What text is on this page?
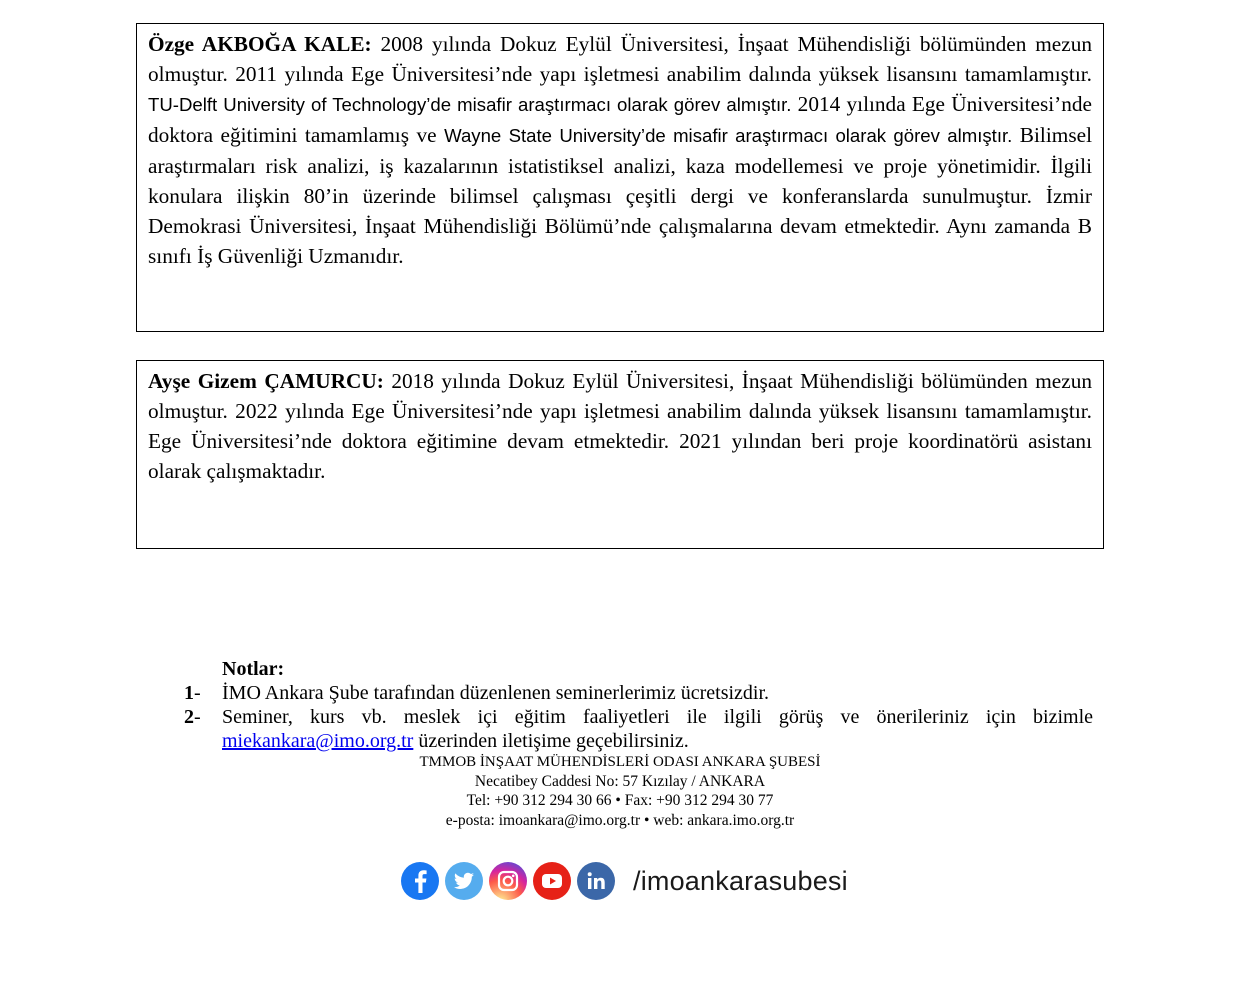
Özge AKBOĞA KALE: 2008 yılında Dokuz Eylül Üniversitesi, İnşaat Mühendisliği bölümünden mezun olmuştur. 2011 yılında Ege Üniversitesi’nde yapı işletmesi anabilim dalında yüksek lisansını tamamlamıştır. TU-Delft University of Technology’de misafir araştırmacı olarak görev almıştır. 2014 yılında Ege Üniversitesi’nde doktora eğitimini tamamlamış ve Wayne State University’de misafir araştırmacı olarak görev almıştır. Bilimsel araştırmaları risk analizi, iş kazalarının istatistiksel analizi, kaza modellemesi ve proje yönetimidir. İlgili konulara ilişkin 80’in üzerinde bilimsel çalışması çeşitli dergi ve konferanslarda sunulmuştur. İzmir Demokrasi Üniversitesi, İnşaat Mühendisliği Bölümü’nde çalışmalarına devam etmektedir. Aynı zamanda B sınıfı İş Güvenliği Uzmanıdır.
Ayşe Gizem ÇAMURCU: 2018 yılında Dokuz Eylül Üniversitesi, İnşaat Mühendisliği bölümünden mezun olmuştur. 2022 yılında Ege Üniversitesi’nde yapı işletmesi anabilim dalında yüksek lisansını tamamlamıştır. Ege Üniversitesi’nde doktora eğitimine devam etmektedir. 2021 yılından beri proje koordinatörü asistanı olarak çalışmaktadır.
Notlar:
1-	İMO Ankara Şube tarafından düzenlenen seminerlerimiz ücretsizdir.
2-	Seminer, kurs vb. meslek içi eğitim faaliyetleri ile ilgili görüş ve önerileriniz için bizimle miekankara@imo.org.tr üzerinden iletişime geçebilirsiniz.
TMMOB İNŞAAT MÜHENDİSLERİ ODASI ANKARA ŞUBESİ
Necatibey Caddesi No: 57 Kızılay / ANKARA
Tel: +90 312 294 30 66 • Fax: +90 312 294 30 77
e-posta: imoankara@imo.org.tr • web: ankara.imo.org.tr
/imoankarasubesi
